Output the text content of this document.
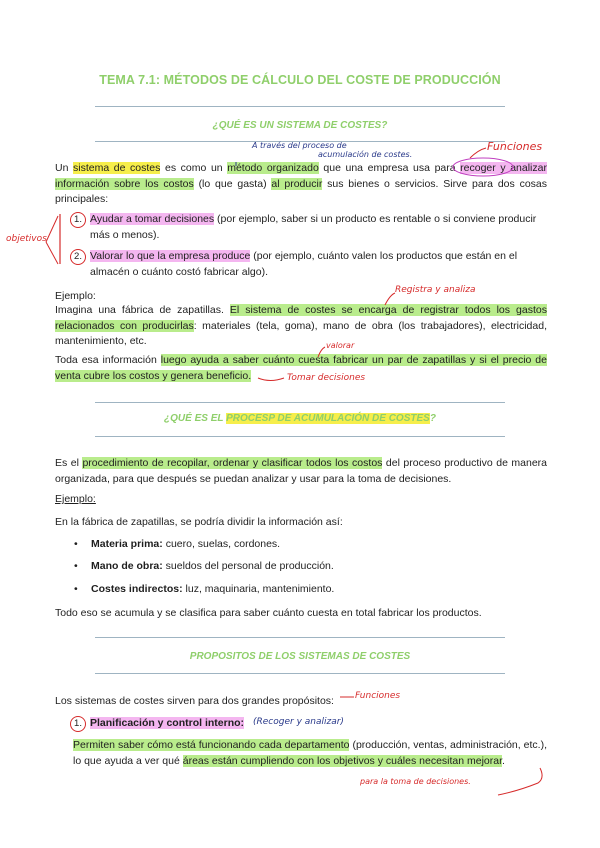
TEMA 7.1: MÉTODOS DE CÁLCULO DEL COSTE DE PRODUCCIÓN
¿QUÉ ES UN SISTEMA DE COSTES?
Un sistema de costes es como un método organizado que una empresa usa para recoger y analizar información sobre los costos (lo que gasta) al producir sus bienes o servicios. Sirve para dos cosas principales:
1. Ayudar a tomar decisiones (por ejemplo, saber si un producto es rentable o si conviene producir más o menos).
2. Valorar lo que la empresa produce (por ejemplo, cuánto valen los productos que están en el almacén o cuánto costó fabricar algo).
Ejemplo:
Imagina una fábrica de zapatillas. El sistema de costes se encarga de registrar todos los gastos relacionados con producirlas: materiales (tela, goma), mano de obra (los trabajadores), electricidad, mantenimiento, etc.
Toda esa información luego ayuda a saber cuánto cuesta fabricar un par de zapatillas y si el precio de venta cubre los costos y genera beneficio.
¿QUÉ ES EL PROCESP DE ACUMULACIÓN DE COSTES?
Es el procedimiento de recopilar, ordenar y clasificar todos los costos del proceso productivo de manera organizada, para que después se puedan analizar y usar para la toma de decisiones.
Ejemplo:
En la fábrica de zapatillas, se podría dividir la información así:
• Materia prima: cuero, suelas, cordones.
• Mano de obra: sueldos del personal de producción.
• Costes indirectos: luz, maquinaria, mantenimiento.
Todo eso se acumula y se clasifica para saber cuánto cuesta en total fabricar los productos.
PROPOSITOS DE LOS SISTEMAS DE COSTES
Los sistemas de costes sirven para dos grandes propósitos:
1. Planificación y control interno:
Permiten saber cómo está funcionando cada departamento (producción, ventas, administración, etc.), lo que ayuda a ver qué áreas están cumpliendo con los objetivos y cuáles necesitan mejorar.
Funciones
A través del proceso de
acumulación de costes.
objetivos
Registra y analiza
valorar
Tomar decisiones
Funciones
(Recoger y analizar)
para la toma de decisiones.
